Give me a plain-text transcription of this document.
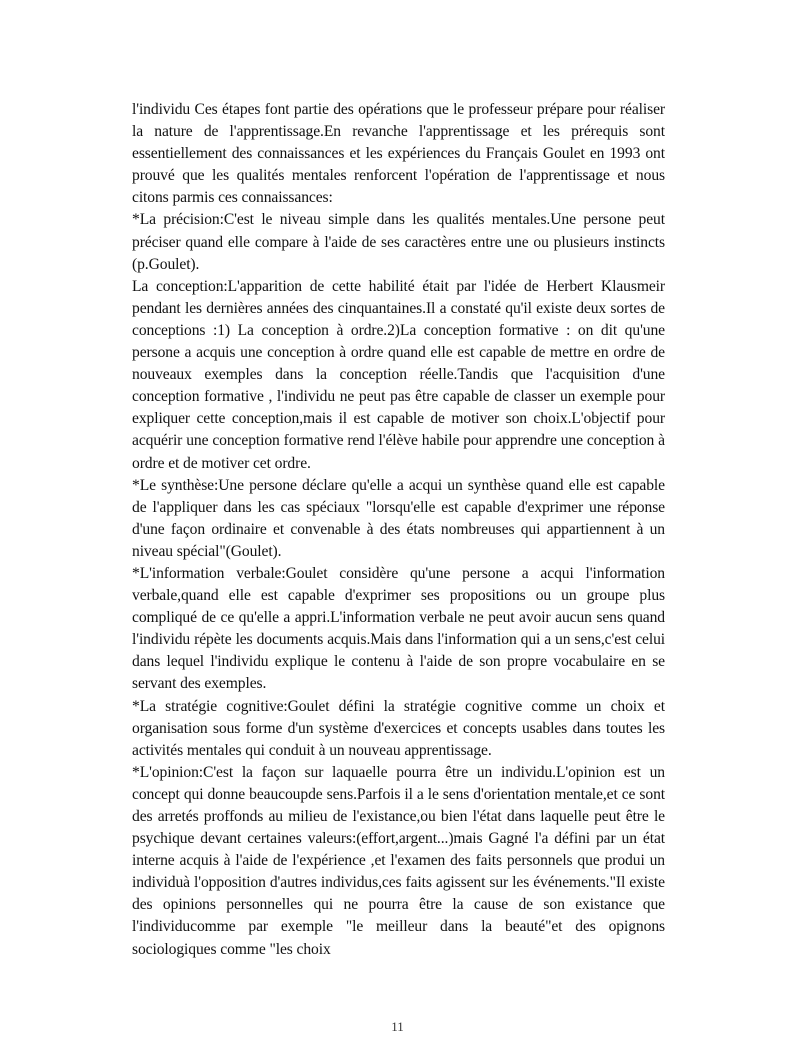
l'individu Ces étapes font partie des opérations que le professeur prépare pour réaliser la nature de l'apprentissage.En revanche l'apprentissage et les prérequis sont essentiellement des connaissances et les expériences du Français Goulet en 1993 ont prouvé que les qualités mentales renforcent l'opération de l'apprentissage et nous citons parmis ces connaissances:

*La précision:C'est le niveau simple dans les qualités mentales.Une persone peut préciser quand elle compare à l'aide de ses caractères entre une ou plusieurs instincts (p.Goulet).

La conception:L'apparition de cette habilité était par l'idée de Herbert Klausmeir pendant les dernières années des cinquantaines.Il a constaté qu'il existe deux sortes de conceptions :1) La conception à ordre.2)La conception formative : on dit qu'une persone a acquis une conception à ordre quand elle est capable de mettre en ordre de nouveaux exemples dans la conception réelle.Tandis que l'acquisition d'une conception formative , l'individu ne peut pas être capable de classer un exemple pour expliquer cette conception,mais il est capable de motiver son choix.L'objectif pour acquérir une conception formative rend l'élève habile pour apprendre une conception à ordre et de motiver cet ordre.

*Le synthèse:Une persone déclare qu'elle a acqui un synthèse quand elle est capable de l'appliquer dans les cas spéciaux "lorsqu'elle est capable d'exprimer une réponse d'une façon ordinaire et convenable à des états nombreuses qui appartiennent à un niveau spécial"(Goulet).

*L'information verbale:Goulet considère qu'une persone a acqui l'information verbale,quand elle est capable d'exprimer ses propositions ou un groupe plus compliqué de ce qu'elle a appri.L'information verbale ne peut avoir aucun sens quand l'individu répète les documents acquis.Mais dans l'information qui a un sens,c'est celui dans lequel l'individu explique le contenu à l'aide de son propre vocabulaire en se servant des exemples.

*La stratégie cognitive:Goulet défini la stratégie cognitive comme un choix et organisation sous forme d'un système d'exercices et concepts usables dans toutes les activités mentales qui conduit à un nouveau apprentissage.

*L'opinion:C'est la façon sur laquaelle pourra être un individu.L'opinion est un concept qui donne beaucoupde sens.Parfois il a le sens d'orientation mentale,et ce sont des arretés proffonds au milieu de l'existance,ou bien l'état dans laquelle peut être le psychique devant certaines valeurs:(effort,argent...)mais Gagné l'a défini par un état interne acquis à l'aide de l'expérience ,et l'examen des faits personnels que produi un individuà l'opposition d'autres individus,ces faits agissent sur les événements."Il existe des opinions personnelles qui ne pourra être la cause de son existance que l'individucomme par exemple "le meilleur dans la beauté"et des opignons sociologiques comme "les choix

11
